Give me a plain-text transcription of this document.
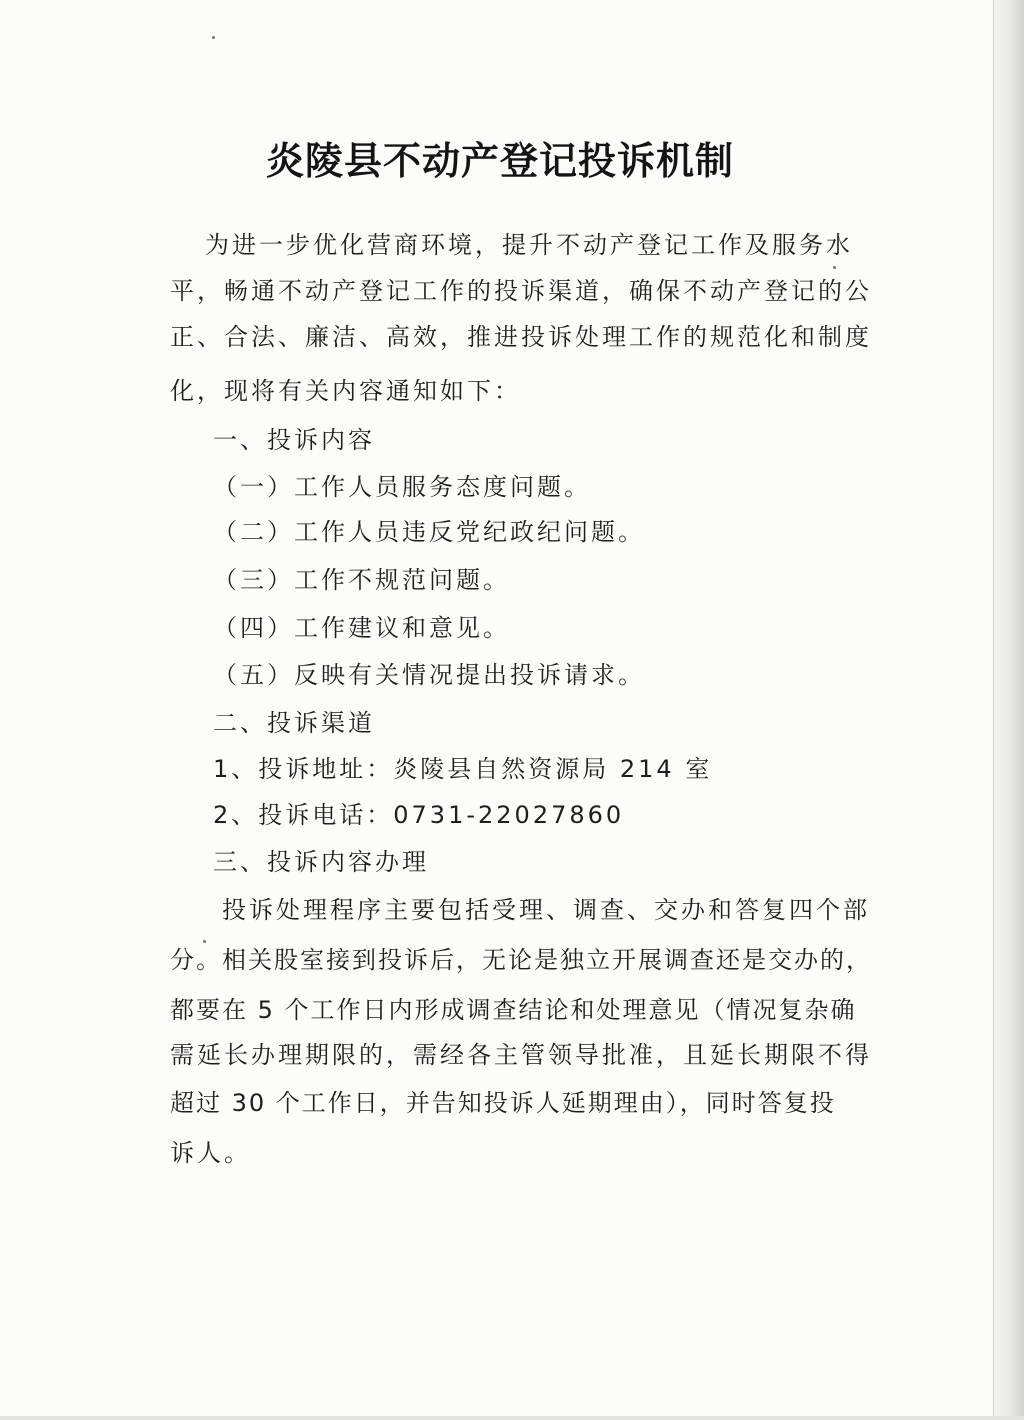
炎陵县不动产登记投诉机制
为进一步优化营商环境，提升不动产登记工作及服务水
平，畅通不动产登记工作的投诉渠道，确保不动产登记的公
正、合法、廉洁、高效，推进投诉处理工作的规范化和制度
化，现将有关内容通知如下：
一、投诉内容
（一）工作人员服务态度问题。
（二）工作人员违反党纪政纪问题。
（三）工作不规范问题。
（四）工作建议和意见。
（五）反映有关情况提出投诉请求。
二、投诉渠道
1、投诉地址：炎陵县自然资源局 214 室
2、投诉电话：0731-22027860
三、投诉内容办理
投诉处理程序主要包括受理、调查、交办和答复四个部
分。相关股室接到投诉后，无论是独立开展调查还是交办的，
都要在 5 个工作日内形成调查结论和处理意见（情况复杂确
需延长办理期限的，需经各主管领导批准，且延长期限不得
超过 30 个工作日，并告知投诉人延期理由），同时答复投
诉人。
